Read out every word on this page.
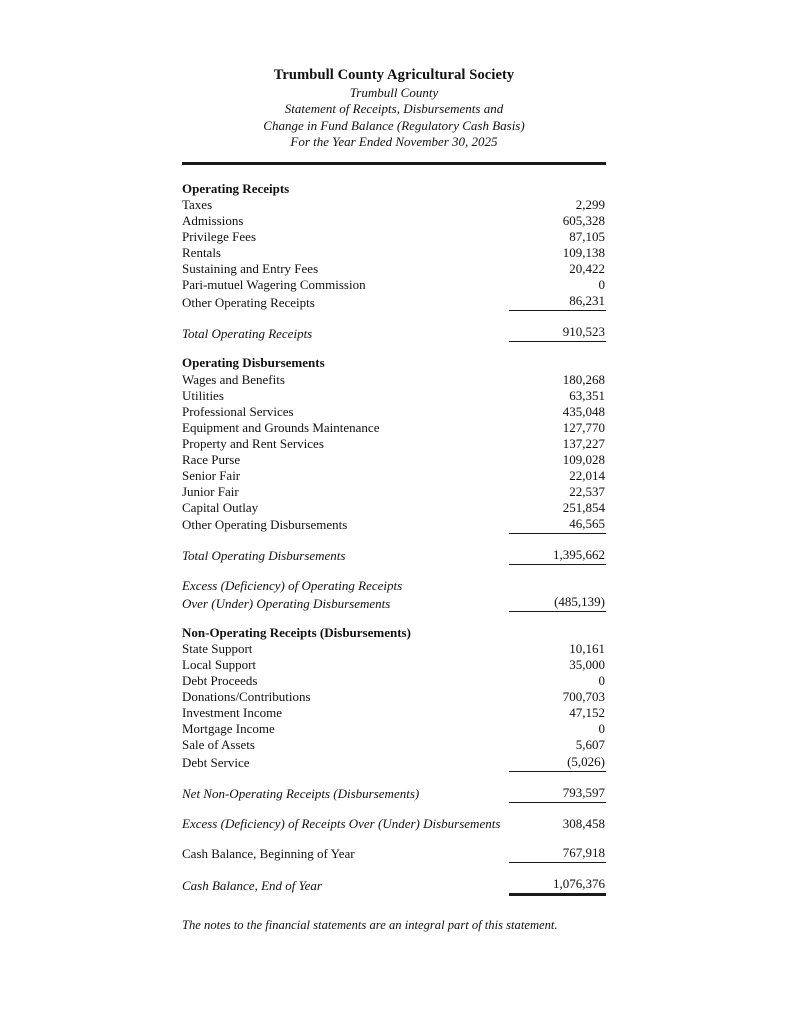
Trumbull County Agricultural Society
Trumbull County
Statement of Receipts, Disbursements and
Change in Fund Balance (Regulatory Cash Basis)
For the Year Ended November 30, 2025
Operating Receipts	
Taxes	2,299
Admissions	605,328
Privilege Fees	87,105
Rentals	109,138
Sustaining and Entry Fees	20,422
Pari-mutuel Wagering Commission	0
Other Operating Receipts	86,231

Total Operating Receipts	910,523

Operating Disbursements	
Wages and Benefits	180,268
Utilities	63,351
Professional Services	435,048
Equipment and Grounds Maintenance	127,770
Property and Rent Services	137,227
Race Purse	109,028
Senior Fair	22,014
Junior Fair	22,537
Capital Outlay	251,854
Other Operating Disbursements	46,565

Total Operating Disbursements	1,395,662

Excess (Deficiency) of Operating Receipts	
Over (Under) Operating Disbursements	(485,139)

Non-Operating Receipts (Disbursements)	
State Support	10,161
Local Support	35,000
Debt Proceeds	0
Donations/Contributions	700,703
Investment Income	47,152
Mortgage Income	0
Sale of Assets	5,607
Debt Service	(5,026)

Net Non-Operating Receipts (Disbursements)	793,597

Excess (Deficiency) of Receipts Over (Under) Disbursements	308,458

Cash Balance, Beginning of Year	767,918

Cash Balance, End of Year	1,076,376
The notes to the financial statements are an integral part of this statement.
